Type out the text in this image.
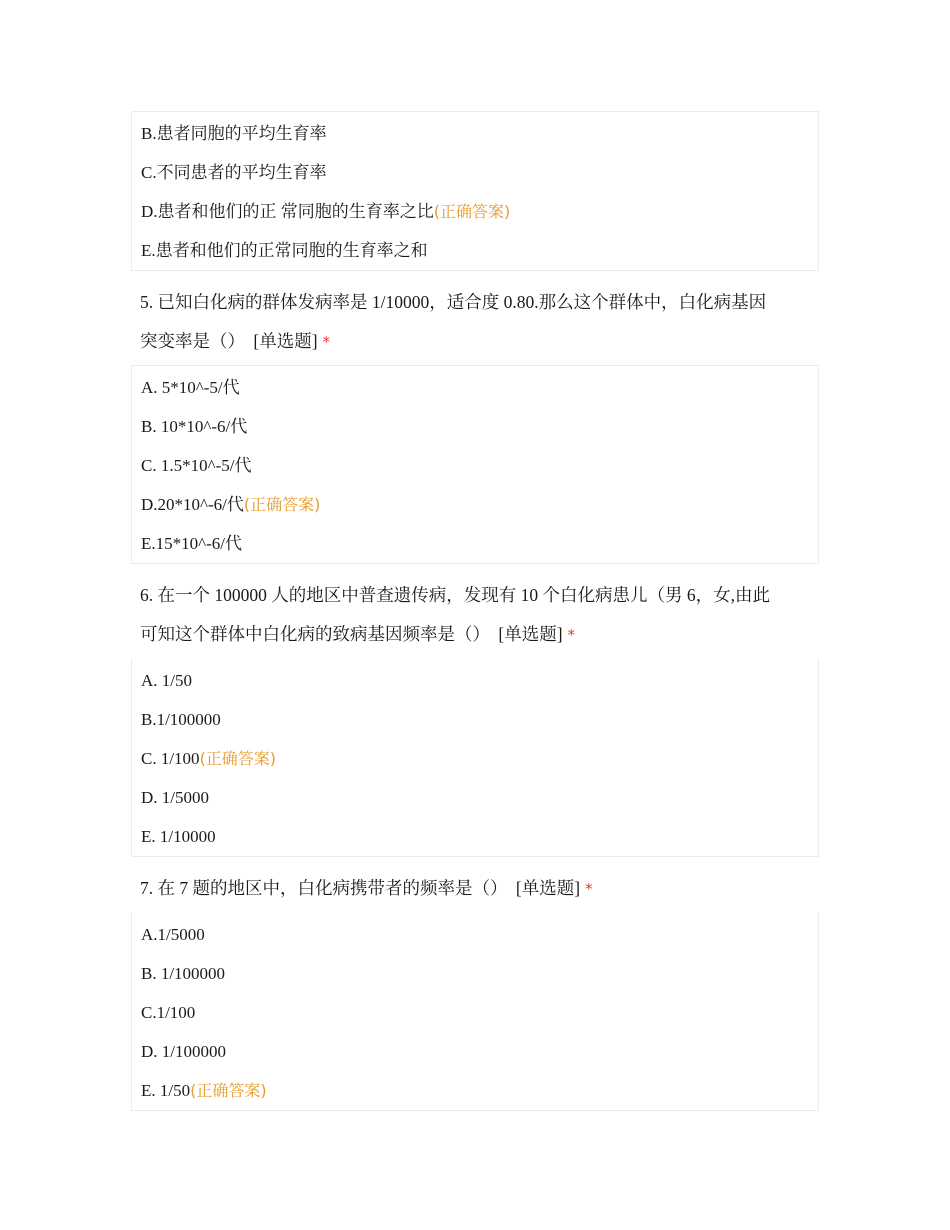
B.患者同胞的平均生育率
C.不同患者的平均生育率
D.患者和他们的正 常同胞的生育率之比(正确答案)
E.患者和他们的正常同胞的生育率之和
5. 已知白化病的群体发病率是 1/10000，适合度 0.80.那么这个群体中，白化病基因
突变率是（） [单选题] *
A. 5*10^-5/代
B. 10*10^-6/代
C. 1.5*10^-5/代
D.20*10^-6/代(正确答案)
E.15*10^-6/代
6. 在一个 100000 人的地区中普查遗传病，发现有 10 个白化病患儿（男 6，女,由此
可知这个群体中白化病的致病基因频率是（） [单选题] *
A. 1/50
B.1/100000
C. 1/100(正确答案)
D. 1/5000
E. 1/10000
7. 在 7 题的地区中，白化病携带者的频率是（） [单选题] *
A.1/5000
B. 1/100000
C.1/100
D. 1/100000
E. 1/50(正确答案)
